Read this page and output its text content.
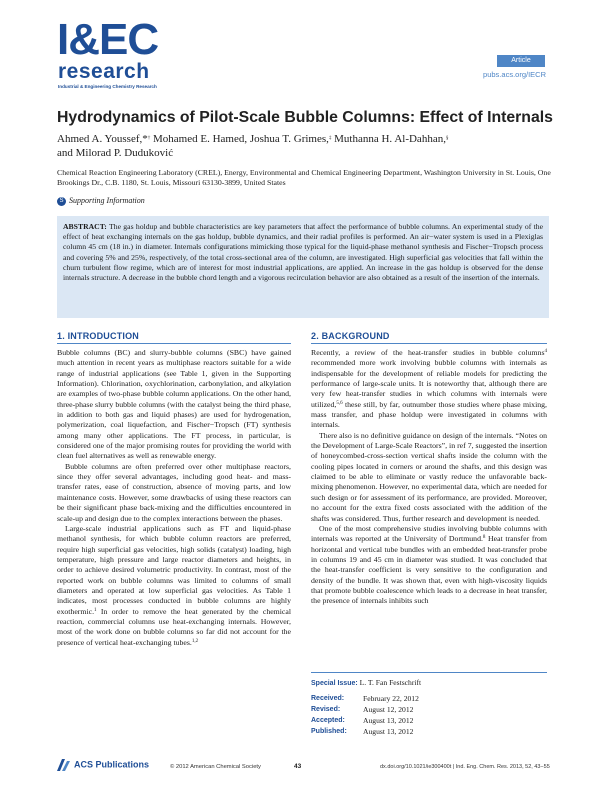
I&EC
research
Industrial & Engineering Chemistry Research
Article
pubs.acs.org/IECR
Hydrodynamics of Pilot-Scale Bubble Columns: Effect of Internals
Ahmed A. Youssef,*† Mohamed E. Hamed, Joshua T. Grimes,‡ Muthanna H. Al-Dahhan,§
and Milorad P. Duduković
Chemical Reaction Engineering Laboratory (CREL), Energy, Environmental and Chemical Engineering Department, Washington University in St. Louis, One Brookings Dr., C.B. 1180, St. Louis, Missouri 63130-3899, United States
S Supporting Information
ABSTRACT: The gas holdup and bubble characteristics are key parameters that affect the performance of bubble columns. An experimental study of the effect of heat exchanging internals on the gas holdup, bubble dynamics, and their radial profiles is performed. An air−water system is used in a Plexiglas column 45 cm (18 in.) in diameter. Internals configurations mimicking those typical for the liquid-phase methanol synthesis and Fischer−Tropsch process and covering 5% and 25%, respectively, of the total cross-sectional area of the column, are investigated. High superficial gas velocities that fall within the churn turbulent flow regime, which are of interest for most industrial applications, are applied. An increase in the gas holdup is observed for the dense internals structure. A decrease in the bubble chord length and a vigorous recirculation behavior are also obtained as a result of the insertion of the internals.
1. INTRODUCTION	2. BACKGROUND

Bubble columns (BC) and slurry-bubble columns (SBC) have gained much attention in recent years as multiphase reactors suitable for a wide range of industrial applications (see Table 1, given in the Supporting Information). Chlorination, oxychlorination, carbonylation, and alkylation are examples of two-phase bubble column applications. On the other hand, three-phase slurry bubble columns (with the catalyst being the third phase, in addition to both gas and liquid phases) are used for hydrogenation, polymerization, coal liquefaction, and Fischer−Tropsch (FT) synthesis among many other applications. The FT process, in particular, is considered one of the major promising routes for providing the world with clean fuel alternatives as well as renewable energy.

Bubble columns are often preferred over other multiphase reactors, since they offer several advantages, including good heat- and mass-transfer rates, ease of construction, absence of moving parts, and low maintenance costs. However, some drawbacks of using these reactors can be their significant phase back-mixing and the difficulties encountered in scale-up and design due to the complex interactions between the phases.

Large-scale industrial applications such as FT and liquid-phase methanol synthesis, for which bubble column reactors are preferred, require high superficial gas velocities, high solids (catalyst) loading, high temperature, high pressure and large reactor diameters and heights, in order to achieve desired volumetric productivity. In contrast, most of the reported work on bubble columns was limited to columns of small diameters and operated at low superficial gas velocities. As Table 1 indicates, most processes conducted in bubble columns are highly exothermic.$^1$ In order to remove the heat generated by the chemical reaction, commercial columns use heat-exchanging internals. However, most of the work done on bubble columns so far did not account for the presence of vertical heat-exchanging tubes.$^{1,2}$

Recently, a review of the heat-transfer studies in bubble columns$^4$ recommended more work involving bubble columns with internals as indispensable for the development of reliable models for predicting the performance of large-scale units. It is noteworthy that, although there are very few heat-transfer studies in which columns with internals were utilized,$^{5,6}$ these still, by far, outnumber those studies where phase mixing, mass transfer, and phase holdup were investigated in columns with internals.

There also is no definitive guidance on design of the internals. “Notes on the Development of Large-Scale Reactors”, in ref 7, suggested the insertion of honeycombed-cross-section vertical shafts inside the column with the cooling pipes located in corners or around the shafts, and this design was claimed to be able to eliminate or vastly reduce the unfavorable back-mixing phenomenon. However, no experimental data, which are needed for such design or for assessment of its performance, are provided. Moreover, no account for the extra fixed costs associated with the addition of the shafts was considered. Thus, further research and development is needed.

One of the most comprehensive studies involving bubble columns with internals was reported at the University of Dortmund.$^8$ Heat transfer from horizontal and vertical tube bundles with an embedded heat-transfer probe in columns 19 and 45 cm in diameter was studied. It was concluded that the heat-transfer coefficient is very sensitive to the configuration and density of the bundle. It was shown that, even with high-viscosity liquids that promote bubble coalescence which leads to a decrease in heat transfer, the presence of internals inhibits such

Special Issue: L. T. Fan Festschrift
Received:	February 22, 2012
Revised:	August 12, 2012
Accepted:	August 13, 2012
Published:	August 13, 2012
ACS Publications	© 2012 American Chemical Society	43	dx.doi.org/10.1021/ie300400t | Ind. Eng. Chem. Res. 2013, 52, 43−55
